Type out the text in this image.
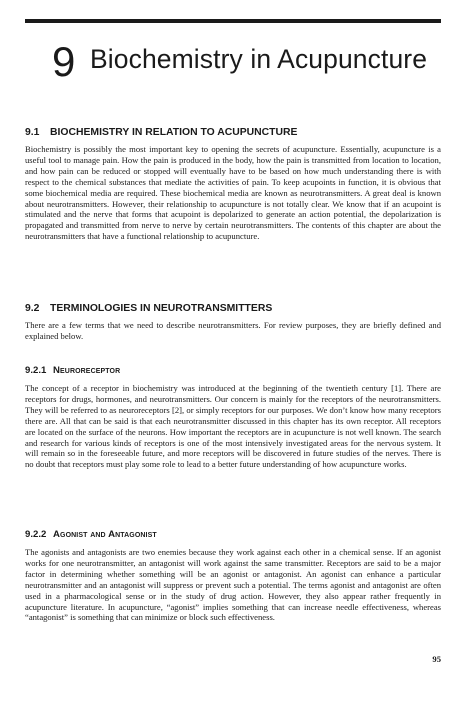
9 Biochemistry in Acupuncture
9.1 BIOCHEMISTRY IN RELATION TO ACUPUNCTURE

Biochemistry is possibly the most important key to opening the secrets of acupuncture. Essentially, acupuncture is a useful tool to manage pain. How the pain is produced in the body, how the pain is transmitted from location to location, and how pain can be reduced or stopped will eventually have to be based on how much understanding there is with respect to the chemical substances that mediate the activities of pain. To keep acupoints in function, it is obvious that some biochemical media are required. These biochemical media are known as neurotransmitters. A great deal is known about neurotransmitters. However, their relationship to acupuncture is not totally clear. We know that if an acupoint is stimulated and the nerve that forms that acupoint is depolarized to generate an action potential, the depolarization is propagated and transmitted from nerve to nerve by certain neurotransmitters. The contents of this chapter are about the neurotransmitters that have a functional relationship to acupuncture.

9.2 TERMINOLOGIES IN NEUROTRANSMITTERS

There are a few terms that we need to describe neurotransmitters. For review purposes, they are briefly defined and explained below.

9.2.1 Neuroreceptor

The concept of a receptor in biochemistry was introduced at the beginning of the twentieth century [1]. There are receptors for drugs, hormones, and neurotransmitters. Our concern is mainly for the receptors of the neurotransmitters. They will be referred to as neuroreceptors [2], or simply receptors for our purposes. We don’t know how many receptors there are. All that can be said is that each neurotransmitter discussed in this chapter has its own receptor. All receptors are located on the surface of the neurons. How important the receptors are in acupuncture is not well known. The search and research for various kinds of receptors is one of the most intensively investigated areas for the nervous system. It will remain so in the foreseeable future, and more receptors will be discovered in future studies of the nerves. There is no doubt that receptors must play some role to lead to a better future understanding of how acupuncture works.

9.2.2 Agonist and Antagonist

The agonists and antagonists are two enemies because they work against each other in a chemical sense. If an agonist works for one neurotransmitter, an antagonist will work against the same transmitter. Receptors are said to be a major factor in determining whether something will be an agonist or antagonist. An agonist can enhance a particular neurotransmitter and an antagonist will suppress or prevent such a potential. The terms agonist and antagonist are often used in a pharmacological sense or in the study of drug action. However, they also appear rather frequently in acupuncture literature. In acupuncture, “agonist” implies something that can increase needle effectiveness, whereas “antagonist” is something that can minimize or block such effectiveness.

95
